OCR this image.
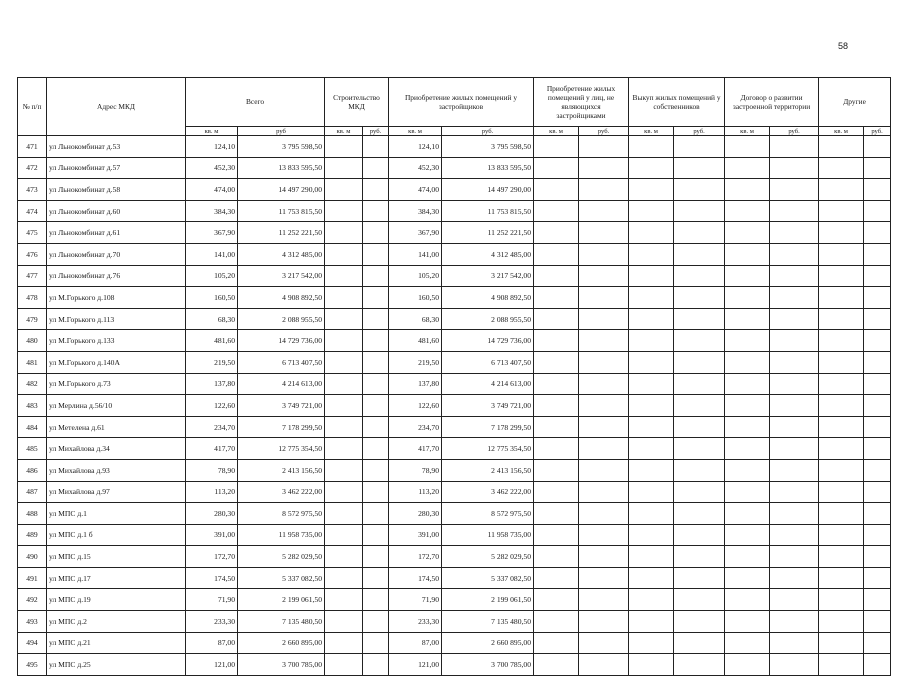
58
№ п/п	Адрес МКД	Всего		Строительство МКД		Приобретение жилых помещений у застройщиков		Приобретение жилых помещений у лиц, не являющихся застройщиками		Выкуп жилых помещений у собственников		Договор о развитии застроенной территории		Другие	
		кв. м	руб	кв. м	руб.	кв. м	руб.	кв. м	руб.	кв. м	руб.	кв. м	руб.	кв. м	руб.
471	ул Льнокомбинат д.53	124,10	3 795 598,50			124,10	3 795 598,50								
472	ул Льнокомбинат д.57	452,30	13 833 595,50			452,30	13 833 595,50								
473	ул Льнокомбинат д.58	474,00	14 497 290,00			474,00	14 497 290,00								
474	ул Льнокомбинат д.60	384,30	11 753 815,50			384,30	11 753 815,50								
475	ул Льнокомбинат д.61	367,90	11 252 221,50			367,90	11 252 221,50								
476	ул Льнокомбинат д.70	141,00	4 312 485,00			141,00	4 312 485,00								
477	ул Льнокомбинат д.76	105,20	3 217 542,00			105,20	3 217 542,00								
478	ул М.Горького д.108	160,50	4 908 892,50			160,50	4 908 892,50								
479	ул М.Горького д.113	68,30	2 088 955,50			68,30	2 088 955,50								
480	ул М.Горького д.133	481,60	14 729 736,00			481,60	14 729 736,00								
481	ул М.Горького д.140А	219,50	6 713 407,50			219,50	6 713 407,50								
482	ул М.Горького д.73	137,80	4 214 613,00			137,80	4 214 613,00								
483	ул Мерлина д.56/10	122,60	3 749 721,00			122,60	3 749 721,00								
484	ул Метелена д.61	234,70	7 178 299,50			234,70	7 178 299,50								
485	ул Михайлова д.34	417,70	12 775 354,50			417,70	12 775 354,50								
486	ул Михайлова д.93	78,90	2 413 156,50			78,90	2 413 156,50								
487	ул Михайлова д.97	113,20	3 462 222,00			113,20	3 462 222,00								
488	ул МПС д.1	280,30	8 572 975,50			280,30	8 572 975,50								
489	ул МПС д.1 б	391,00	11 958 735,00			391,00	11 958 735,00								
490	ул МПС д.15	172,70	5 282 029,50			172,70	5 282 029,50								
491	ул МПС д.17	174,50	5 337 082,50			174,50	5 337 082,50								
492	ул МПС д.19	71,90	2 199 061,50			71,90	2 199 061,50								
493	ул МПС д.2	233,30	7 135 480,50			233,30	7 135 480,50								
494	ул МПС д.21	87,00	2 660 895,00			87,00	2 660 895,00								
495	ул МПС д.25	121,00	3 700 785,00			121,00	3 700 785,00								
